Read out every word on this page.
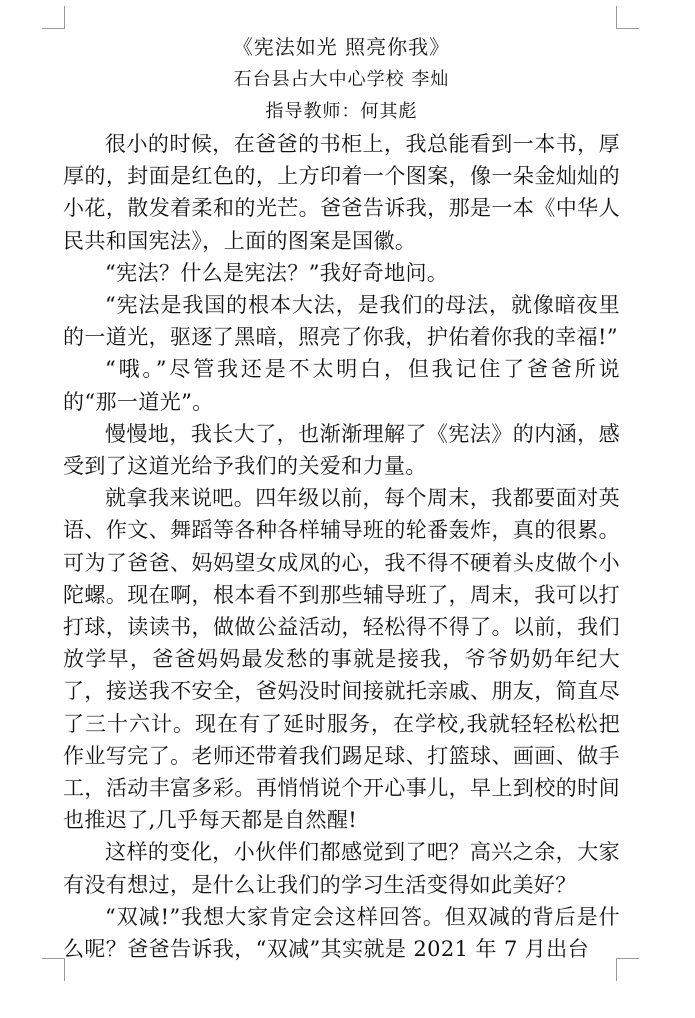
《宪法如光 照亮你我》
石台县占大中心学校 李灿
指导教师：何其彪

很小的时候，在爸爸的书柜上，我总能看到一本书，厚厚的，封面是红色的，上方印着一个图案，像一朵金灿灿的小花，散发着柔和的光芒。爸爸告诉我，那是一本《中华人民共和国宪法》，上面的图案是国徽。

“宪法？什么是宪法？”我好奇地问。

“宪法是我国的根本大法，是我们的母法，就像暗夜里的一道光，驱逐了黑暗，照亮了你我，护佑着你我的幸福!”

“哦。”尽管我还是不太明白，但我记住了爸爸所说的“那一道光”。

慢慢地，我长大了，也渐渐理解了《宪法》的内涵，感受到了这道光给予我们的关爱和力量。

就拿我来说吧。四年级以前，每个周末，我都要面对英语、作文、舞蹈等各种各样辅导班的轮番轰炸，真的很累。可为了爸爸、妈妈望女成凤的心，我不得不硬着头皮做个小陀螺。现在啊，根本看不到那些辅导班了，周末，我可以打打球，读读书，做做公益活动，轻松得不得了。以前，我们放学早，爸爸妈妈最发愁的事就是接我，爷爷奶奶年纪大了，接送我不安全，爸妈没时间接就托亲戚、朋友，简直尽了三十六计。现在有了延时服务，在学校,我就轻轻松松把作业写完了。老师还带着我们踢足球、打篮球、画画、做手工，活动丰富多彩。再悄悄说个开心事儿，早上到校的时间也推迟了,几乎每天都是自然醒!

这样的变化，小伙伴们都感觉到了吧？高兴之余，大家有没有想过，是什么让我们的学习生活变得如此美好？

“双减!”我想大家肯定会这样回答。但双减的背后是什么呢？爸爸告诉我，“双减”其实就是 2021 年 7 月出台
